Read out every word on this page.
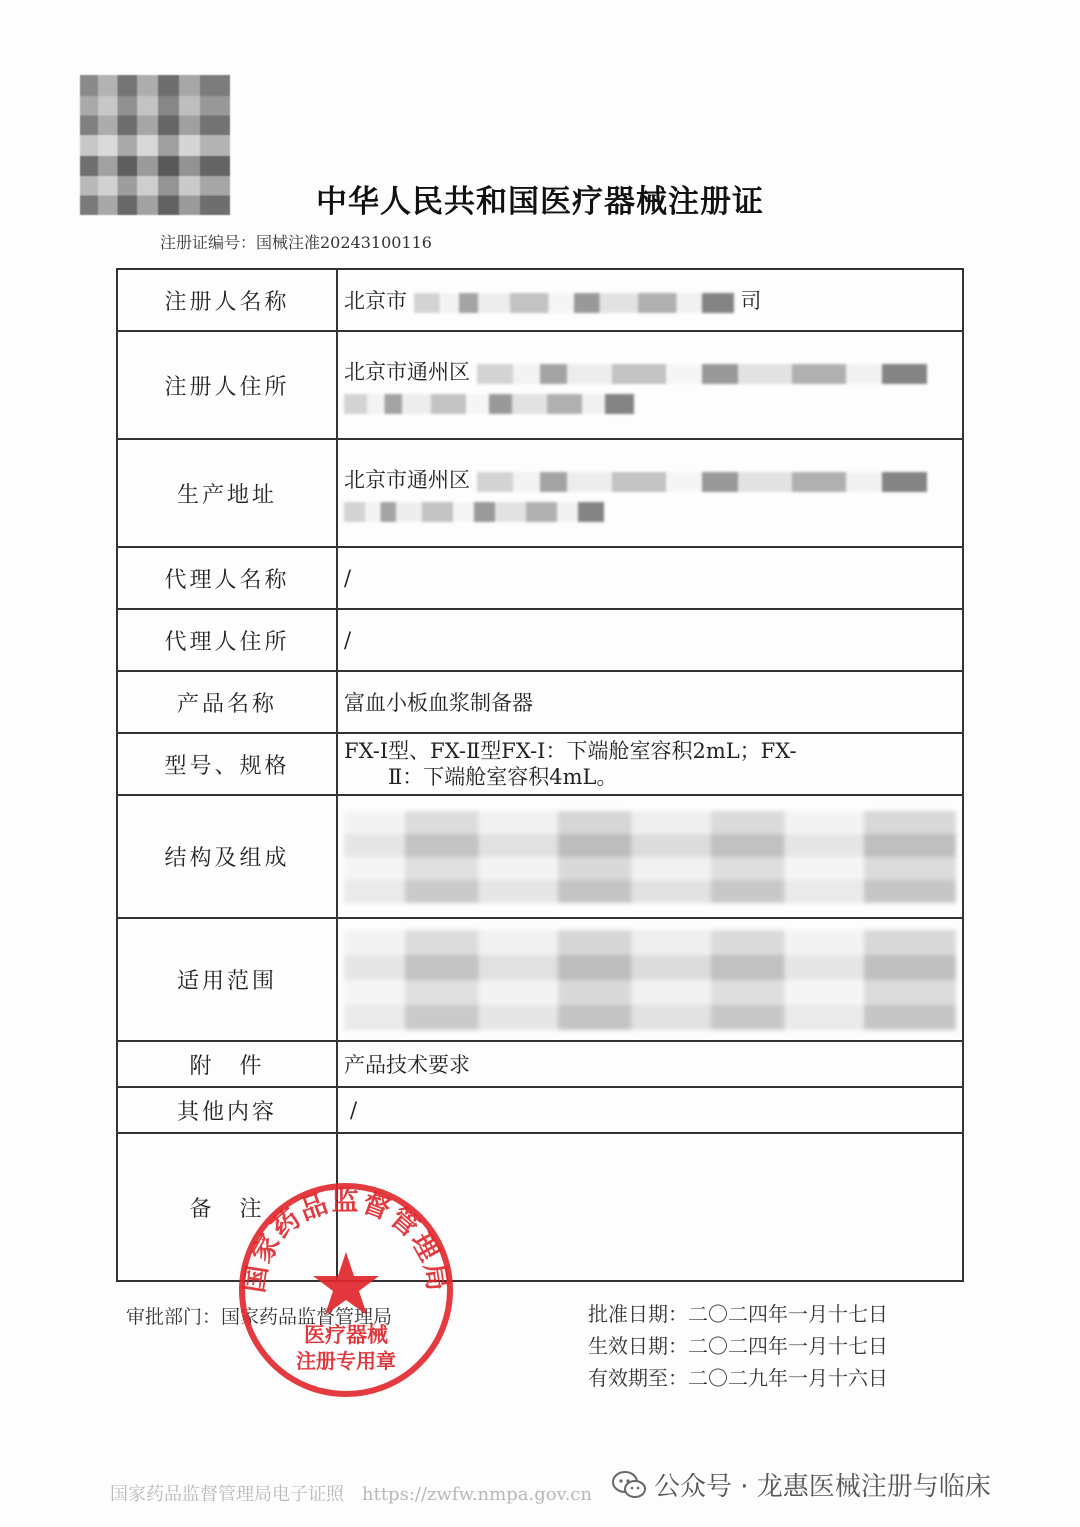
中华人民共和国医疗器械注册证
注册证编号：国械注准20243100116
注册人名称	北京市 司
注册人住所	北京市通州区

生产地址	北京市通州区

代理人名称	/
代理人住所	/
产品名称	富血小板血浆制备器
型号、规格	FX-Ⅰ型、FX-Ⅱ型FX-Ⅰ：下端舱室容积2mL；FX-
Ⅱ：下端舱室容积4mL。
结构及组成	

适用范围	

附　件	产品技术要求
其他内容	/
备　注	
审批部门：国家药品监督管理局	批准日期：二〇二四年一月十七日
生效日期：二〇二四年一月十七日
有效期至：二〇二九年一月十六日
国家药品监督管理局
医疗器械
注册专用章
国家药品监督管理局电子证照　https://zwfw.nmpa.gov.cn 公众号 · 龙惠医械注册与临床
